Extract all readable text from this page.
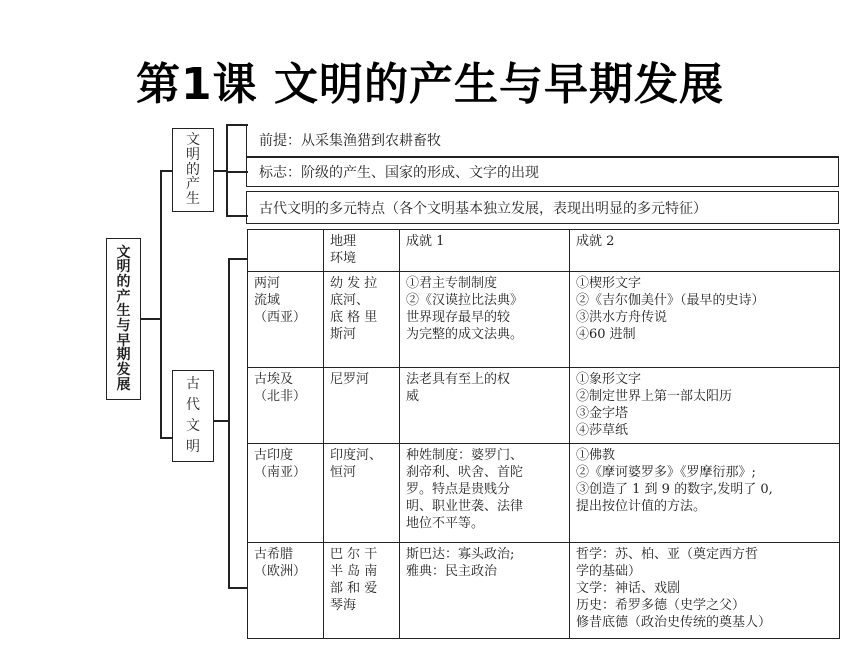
第1课 文明的产生与早期发展
文
明
的
产
生
与
早
期
发
展
文
明
的
产
生
前提：从采集渔猎到农耕畜牧
标志：阶级的产生、国家的形成、文字的出现
古代文明的多元特点（各个文明基本独立发展，表现出明显的多元特征）
古
代
文
明

	地理
环境	成就 1	成就 2

两河
流域
（西亚）	幼 发 拉
底河、
底 格 里
斯河	①君主专制制度
②《汉谟拉比法典》
世界现存最早的较
为完整的成文法典。	①楔形文字
②《吉尔伽美什》（最早的史诗）
③洪水方舟传说
④60 进制

古埃及
（北非）	尼罗河	法老具有至上的权
威	①象形文字
②制定世界上第一部太阳历
③金字塔
④莎草纸

古印度
（南亚）	印度河、
恒河	种姓制度：婆罗门、
刹帝利、吠舍、首陀
罗。特点是贵贱分
明、职业世袭、法律
地位不平等。	①佛教
②《摩诃婆罗多》《罗摩衍那》;
③创造了 1 到 9 的数字,发明了 0,
提出按位计值的方法。

古希腊
（欧洲）	巴 尔 干
半 岛 南
部 和 爱
琴海	斯巴达：寡头政治;
雅典：民主政治	哲学：苏、柏、亚（奠定西方哲
学的基础）
文学：神话、戏剧
历史：希罗多德（史学之父）
修昔底德（政治史传统的奠基人）
